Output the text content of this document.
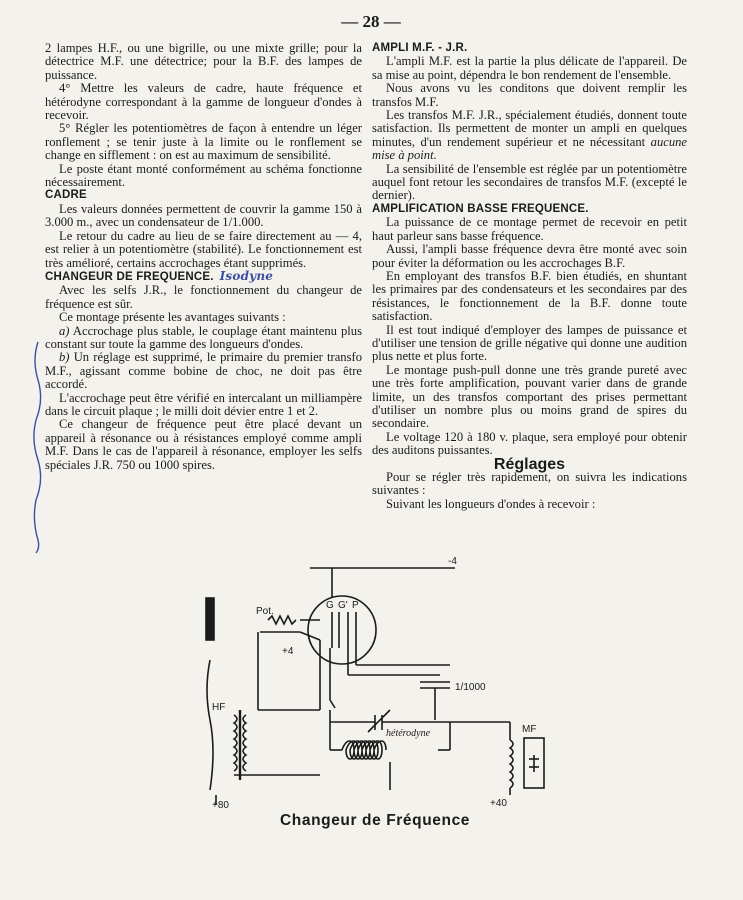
— 28 —

2 lampes H.F., ou une bigrille, ou une mixte grille; pour la détectrice M.F. une détectrice; pour la B.F. des lampes de puissance.

4° Mettre les valeurs de cadre, haute fréquence et hétérodyne correspondant à la gamme de longueur d'ondes à recevoir.

5° Régler les potentiomètres de façon à entendre un léger ronflement ; se tenir juste à la limite ou le ronflement se change en sifflement : on est au maximum de sensibilité.

Le poste étant monté conformément au schéma fonctionne nécessairement.

CADRE

Les valeurs données permettent de couvrir la gamme 150 à 3.000 m., avec un condensateur de 1/1.000.

Le retour du cadre au lieu de se faire directement au — 4, est relier à un potentiomètre (stabilité). Le fonctionnement est très amélioré, certains accrochages étant supprimés.

CHANGEUR DE FREQUENCE. Isodyne

Avec les selfs J.R., le fonctionnement du changeur de fréquence est sûr.

Ce montage présente les avantages suivants :

a) Accrochage plus stable, le couplage étant maintenu plus constant sur toute la gamme des longueurs d'ondes.

b) Un réglage est supprimé, le primaire du premier transfo M.F., agissant comme bobine de choc, ne doit pas être accordé.

L'accrochage peut être vérifié en intercalant un milliampère dans le circuit plaque ; le milli doit dévier entre 1 et 2.

Ce changeur de fréquence peut être placé devant un appareil à résonance ou à résistances employé comme ampli M.F. Dans le cas de l'appareil à résonance, employer les selfs spéciales J.R. 750 ou 1000 spires.

AMPLI M.F. - J.R.

L'ampli M.F. est la partie la plus délicate de l'appareil. De sa mise au point, dépendra le bon rendement de l'ensemble.

Nous avons vu les conditons que doivent remplir les transfos M.F.

Les transfos M.F. J.R., spécialement étudiés, donnent toute satisfaction. Ils permettent de monter un ampli en quelques minutes, d'un rendement supérieur et ne nécessitant aucune mise à point.

La sensibilité de l'ensemble est réglée par un potentiomètre auquel font retour les secondaires de transfos M.F. (excepté le dernier).

AMPLIFICATION BASSE FREQUENCE.

La puissance de ce montage permet de recevoir en petit haut parleur sans basse fréquence.

Aussi, l'ampli basse fréquence devra être monté avec soin pour éviter la déformation ou les accrochages B.F.

En employant des transfos B.F. bien étudiés, en shuntant les primaires par des condensateurs et les secondaires par des résistances, le fonctionnement de la B.F. donne toute satisfaction.

Il est tout indiqué d'employer des lampes de puissance et d'utiliser une tension de grille négative qui donne une audition plus nette et plus forte.

Le montage push-pull donne une très grande pureté avec une très forte amplification, pouvant varier dans de grande limite, un des transfos comportant des prises permettant d'utiliser un nombre plus ou moins grand de spires du secondaire.

Le voltage 120 à 180 v. plaque, sera employé pour obtenir des auditons puissantes.

Réglages

Pour se régler très rapidement, on suivra les indications suivantes :

Suivant les longueurs d'ondes à recevoir :

-4
G G' P
Pot.
+4
HF
1/1000
hétérodyne	MF
+80	+40
Changeur de Fréquence
